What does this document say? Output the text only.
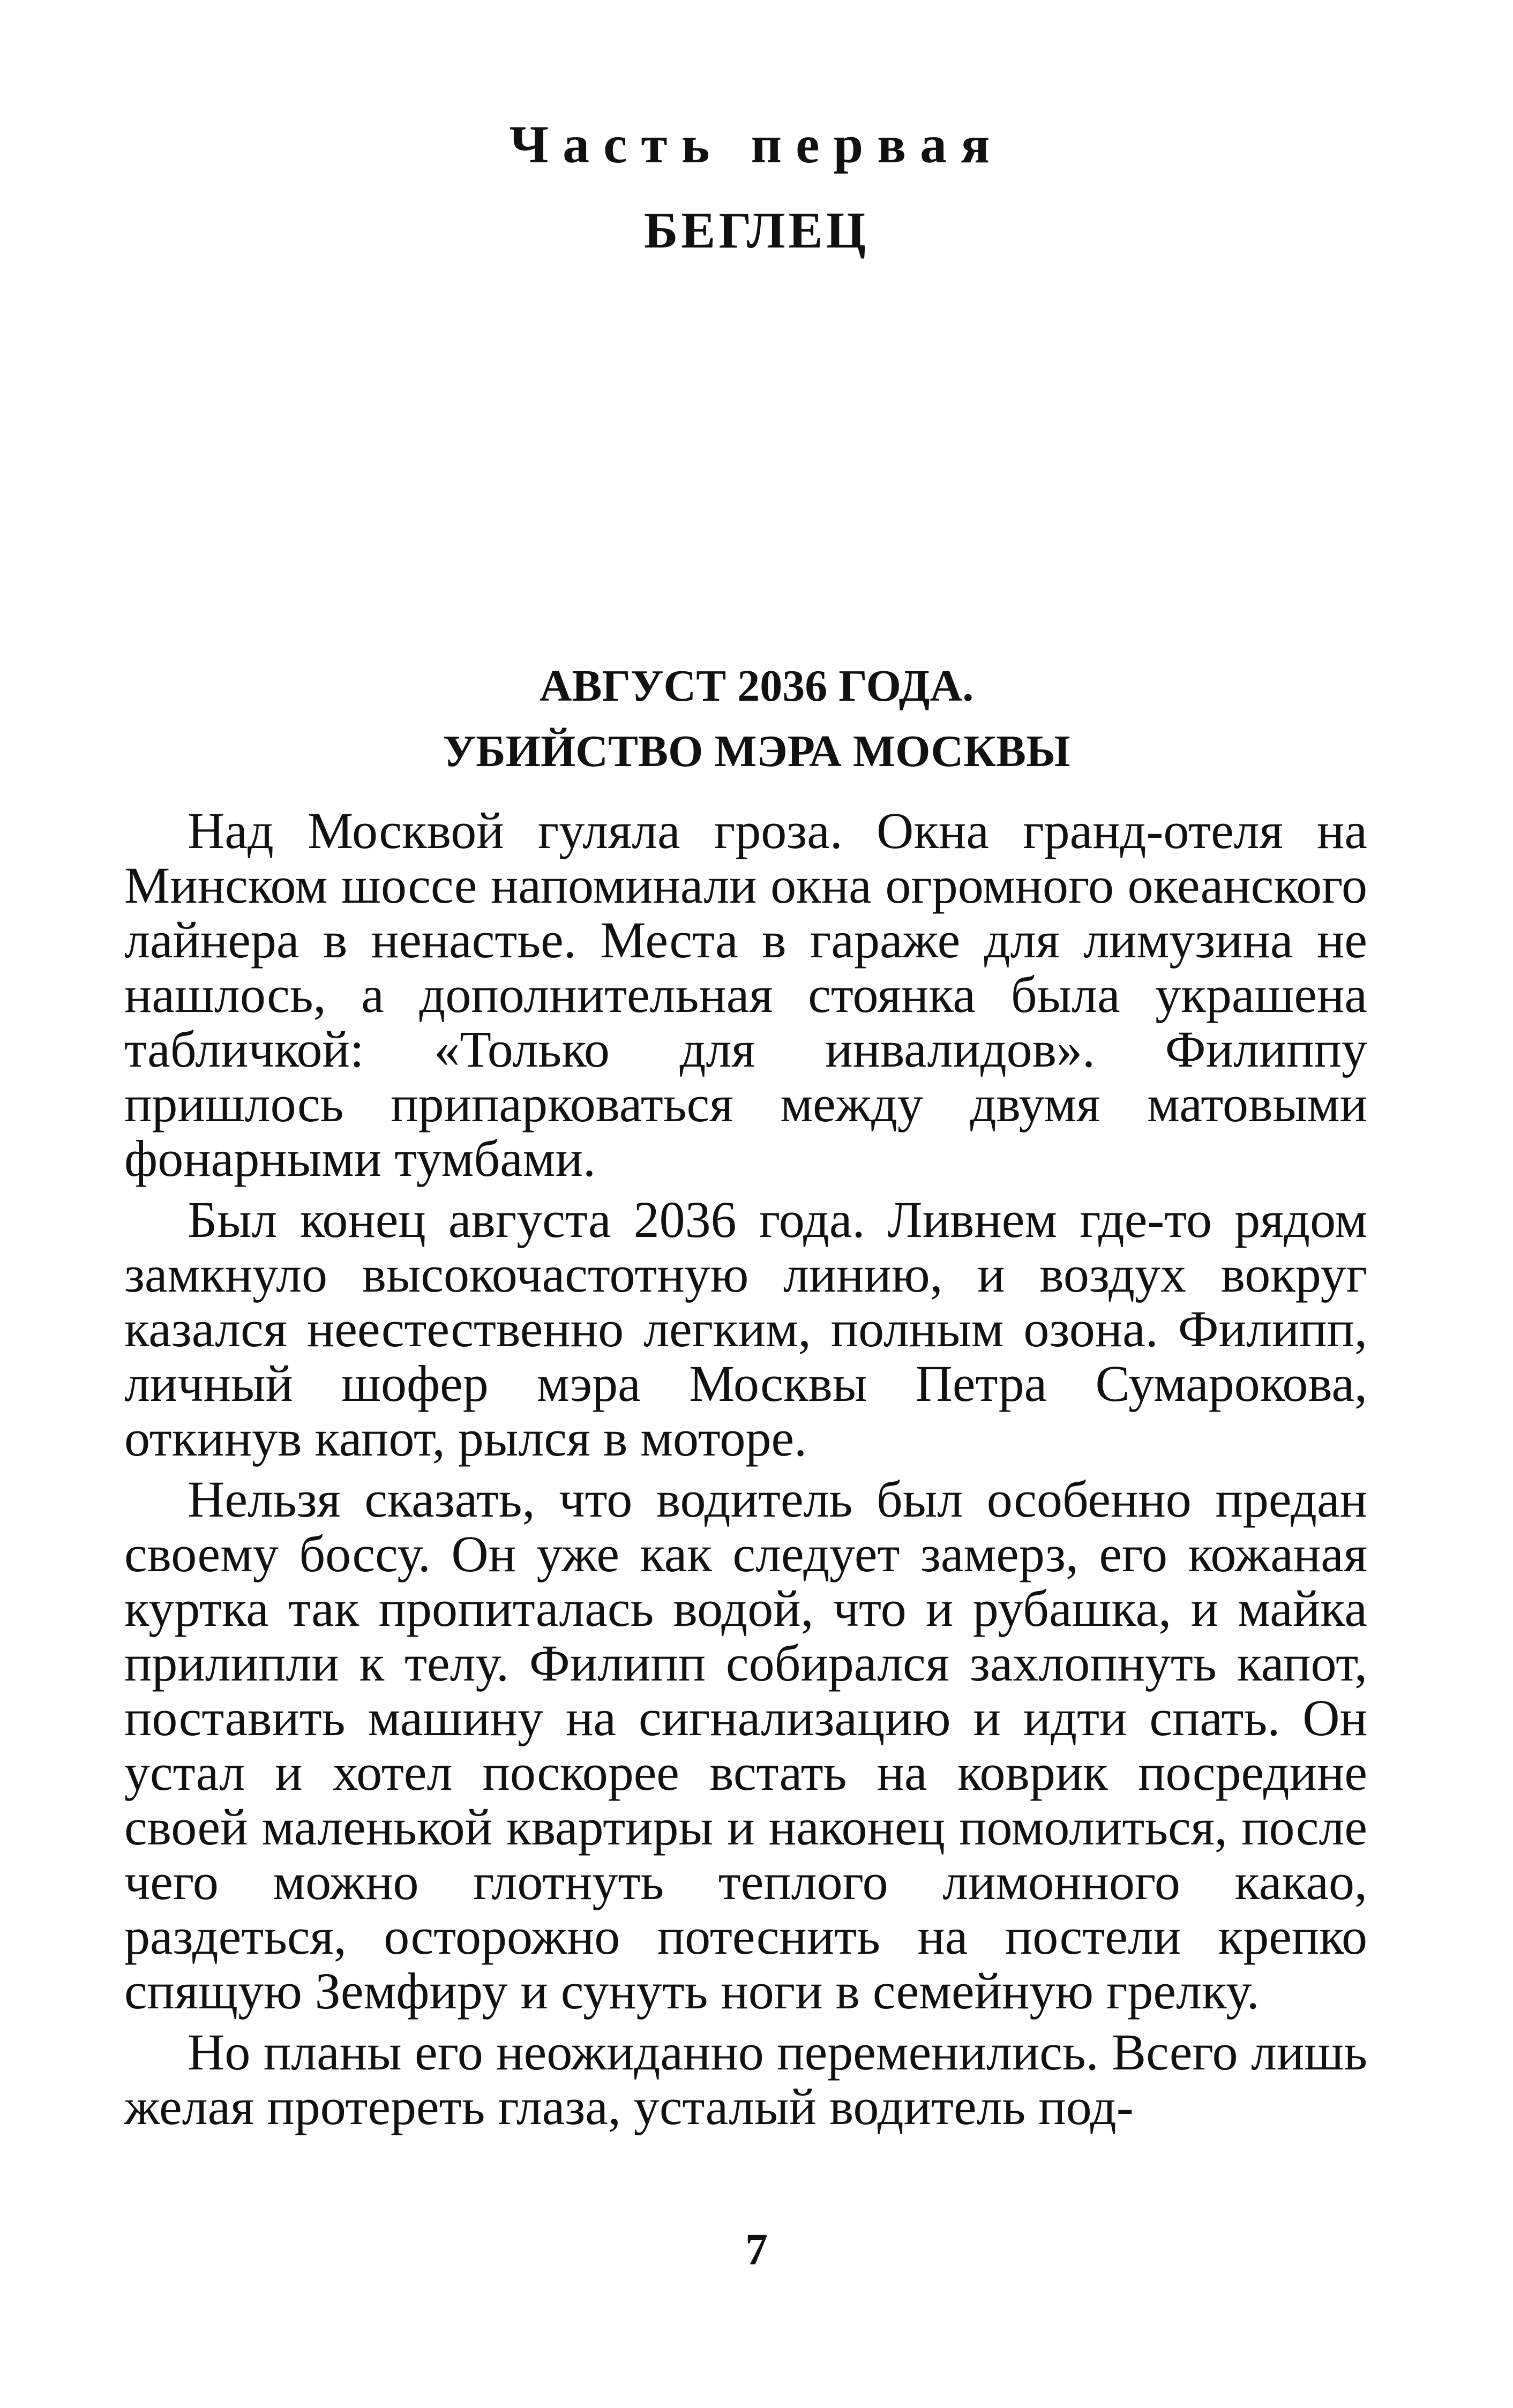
Часть первая
БЕГЛЕЦ
АВГУСТ 2036 ГОДА.
УБИЙСТВО МЭРА МОСКВЫ

Над Москвой гуляла гроза. Окна гранд-отеля на Минском шоссе напоминали окна огромного океанского лайнера в ненастье. Места в гараже для лимузина не нашлось, а дополнительная стоянка была украшена табличкой: «Только для инвалидов». Филиппу пришлось припарковаться между двумя матовыми фонарными тумбами.

Был конец августа 2036 года. Ливнем где-то рядом замкнуло высокочастотную линию, и воздух вокруг казался неестественно легким, полным озона. Филипп, личный шофер мэра Москвы Петра Сумарокова, откинув капот, рылся в моторе.

Нельзя сказать, что водитель был особенно предан своему боссу. Он уже как следует замерз, его кожаная куртка так пропиталась водой, что и рубашка, и майка прилипли к телу. Филипп собирался захлопнуть капот, поставить машину на сигнализацию и идти спать. Он устал и хотел поскорее встать на коврик посредине своей маленькой квартиры и наконец помолиться, после чего можно глотнуть теплого лимонного какао, раздеться, осторожно потеснить на постели крепко спящую Земфиру и сунуть ноги в семейную грелку.

Но планы его неожиданно переменились. Всего лишь желая протереть глаза, усталый водитель под-

7
